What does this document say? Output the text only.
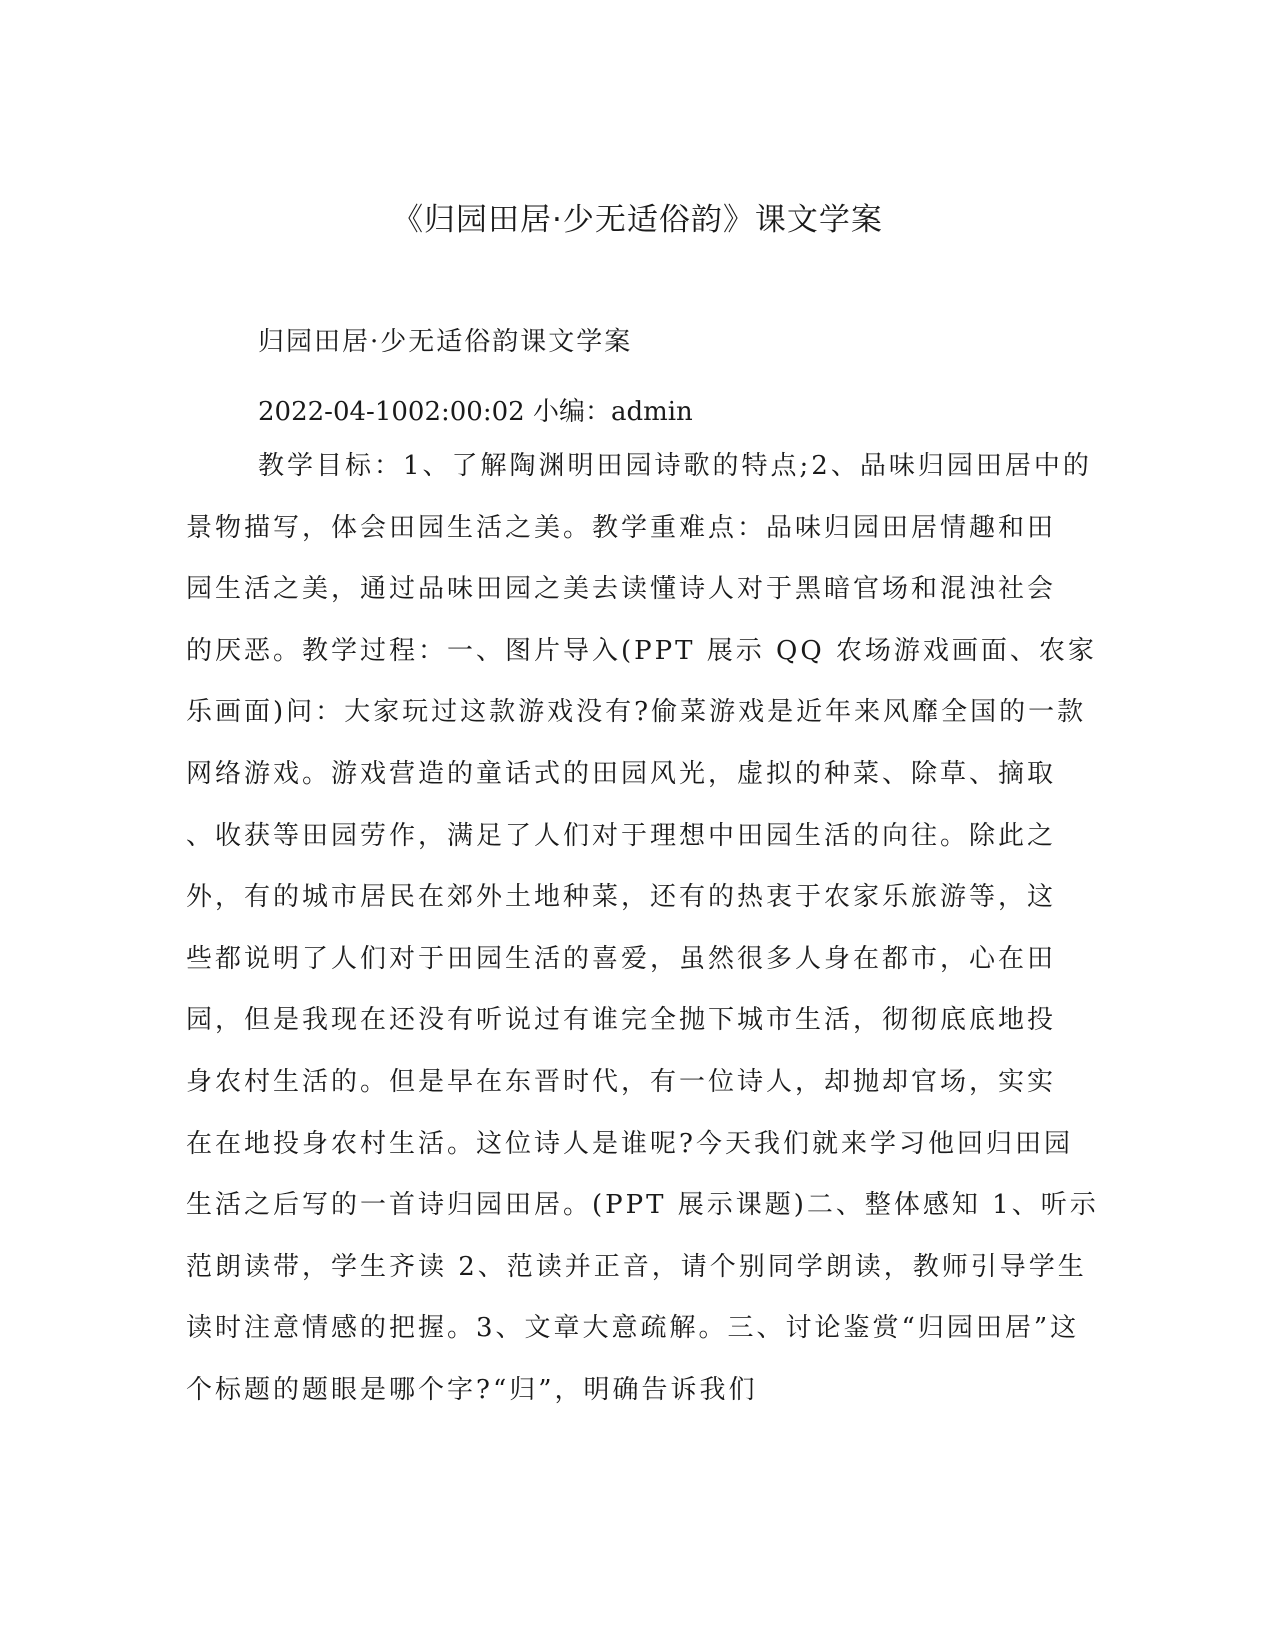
《归园田居·少无适俗韵》课文学案

归园田居·少无适俗韵课文学案

2022-04-1002:00:02 小编：admin

教学目标：1、了解陶渊明田园诗歌的特点;2、品味归园田居中的
景物描写，体会田园生活之美。教学重难点：品味归园田居情趣和田
园生活之美，通过品味田园之美去读懂诗人对于黑暗官场和混浊社会
的厌恶。教学过程：一、图片导入(PPT 展示 QQ 农场游戏画面、农家
乐画面)问：大家玩过这款游戏没有?偷菜游戏是近年来风靡全国的一款
网络游戏。游戏营造的童话式的田园风光，虚拟的种菜、除草、摘取
、收获等田园劳作，满足了人们对于理想中田园生活的向往。除此之
外，有的城市居民在郊外土地种菜，还有的热衷于农家乐旅游等，这
些都说明了人们对于田园生活的喜爱，虽然很多人身在都市，心在田
园，但是我现在还没有听说过有谁完全抛下城市生活，彻彻底底地投
身农村生活的。但是早在东晋时代，有一位诗人，却抛却官场，实实
在在地投身农村生活。这位诗人是谁呢?今天我们就来学习他回归田园
生活之后写的一首诗归园田居。(PPT 展示课题)二、整体感知 1、听示
范朗读带，学生齐读 2、范读并正音，请个别同学朗读，教师引导学生
读时注意情感的把握。3、文章大意疏解。三、讨论鉴赏“归园田居”这
个标题的题眼是哪个字?“归”，明确告诉我们
